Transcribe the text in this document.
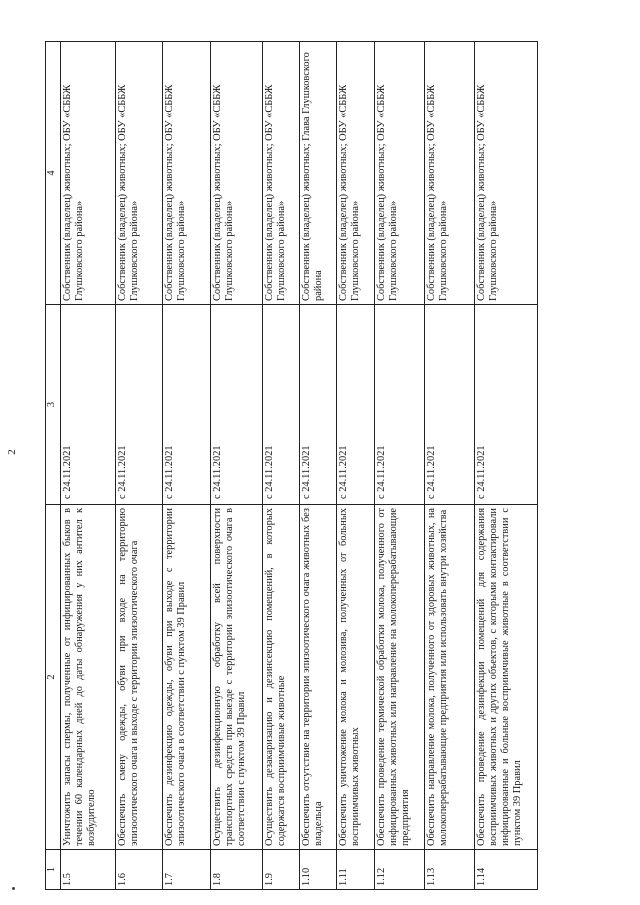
2
1	2	3	4
1.5	Уничтожить запасы спермы, полученные от инфицированных быков в течении 60 календарных дней до даты обнаружения у них антител к возбудителю	с 24.11.2021	Собственник (владелец) животных; ОБУ «СББЖ Глушковского района»
1.6	Обеспечить смену одежды, обуви при входе на территорию эпизоотического очага и выходе с территории эпизоотического очага	с 24.11.2021	Собственник (владелец) животных; ОБУ «СББЖ Глушковского района»
1.7	Обеспечить дезинфекцию одежды, обуви при выходе с территории эпизоотического очага в соответствии с пунктом 39 Правил	с 24.11.2021	Собственник (владелец) животных; ОБУ «СББЖ Глушковского района»
1.8	Осуществить дезинфекционную обработку всей поверхности транспортных средств при выезде с территории эпизоотического очага в соответствии с пунктом 39 Правил	с 24.11.2021	Собственник (владелец) животных; ОБУ «СББЖ Глушковского района»
1.9	Осуществить дезакаризацию и дезинсекцию помещений, в которых содержатся восприимчивые животные	с 24.11.2021	Собственник (владелец) животных; ОБУ «СББЖ Глушковского района»
1.10	Обеспечить отсутствие на территории эпизоотического очага животных без владельца	с 24.11.2021	Собственник (владелец) животных; Глава Глушковского района
1.11	Обеспечить уничтожение молока и молозива, полученных от больных восприимчивых животных	с 24.11.2021	Собственник (владелец) животных; ОБУ «СББЖ Глушковского района»
1.12	Обеспечить проведение термической обработки молока, полученного от инфицированных животных или направление на молокоперерабатывающие предприятия	с 24.11.2021	Собственник (владелец) животных; ОБУ «СББЖ Глушковского района»
1.13	Обеспечить направление молока, полученного от здоровых животных, на молокоперерабатывающие предприятия или использовать внутри хозяйства	с 24.11.2021	Собственник (владелец) животных; ОБУ «СББЖ Глушковского района»
1.14	Обеспечить проведение дезинфекции помещений для содержания восприимчивых животных и других объектов, с которыми контактировали инфицированные и больные восприимчивые животные в соответствии с пунктом 39 Правил	с 24.11.2021	Собственник (владелец) животных; ОБУ «СББЖ Глушковского района»
